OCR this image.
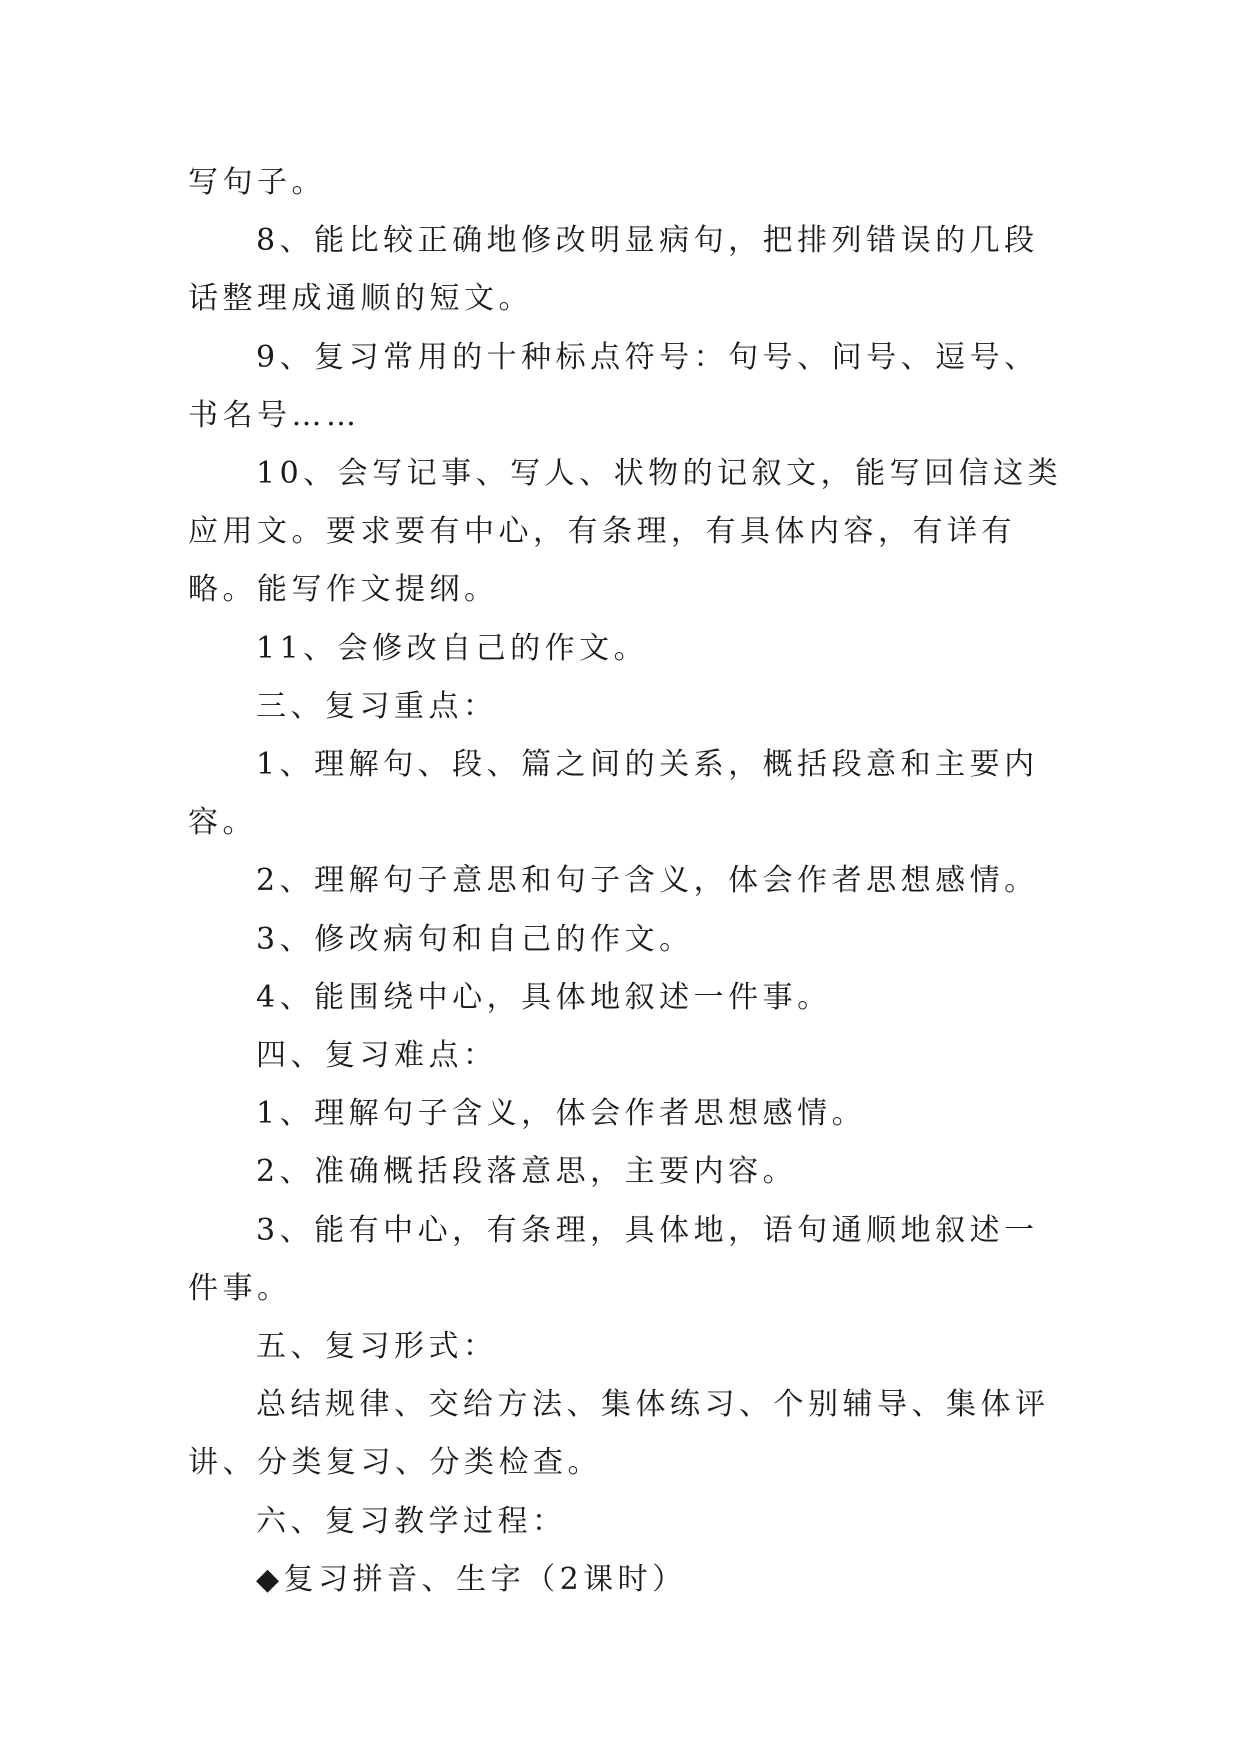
写句子。

8、能比较正确地修改明显病句，把排列错误的几段话整理成通顺的短文。

9、复习常用的十种标点符号：句号、问号、逗号、书名号……

10、会写记事、写人、状物的记叙文，能写回信这类应用文。要求要有中心，有条理，有具体内容，有详有略。能写作文提纲。

11、会修改自己的作文。

三、复习重点：

1、理解句、段、篇之间的关系，概括段意和主要内容。

2、理解句子意思和句子含义，体会作者思想感情。

3、修改病句和自己的作文。

4、能围绕中心，具体地叙述一件事。

四、复习难点：

1、理解句子含义，体会作者思想感情。

2、准确概括段落意思，主要内容。

3、能有中心，有条理，具体地，语句通顺地叙述一件事。

五、复习形式：

总结规律、交给方法、集体练习、个别辅导、集体评讲、分类复习、分类检查。

六、复习教学过程：

◆复习拼音、生字（2课时）
